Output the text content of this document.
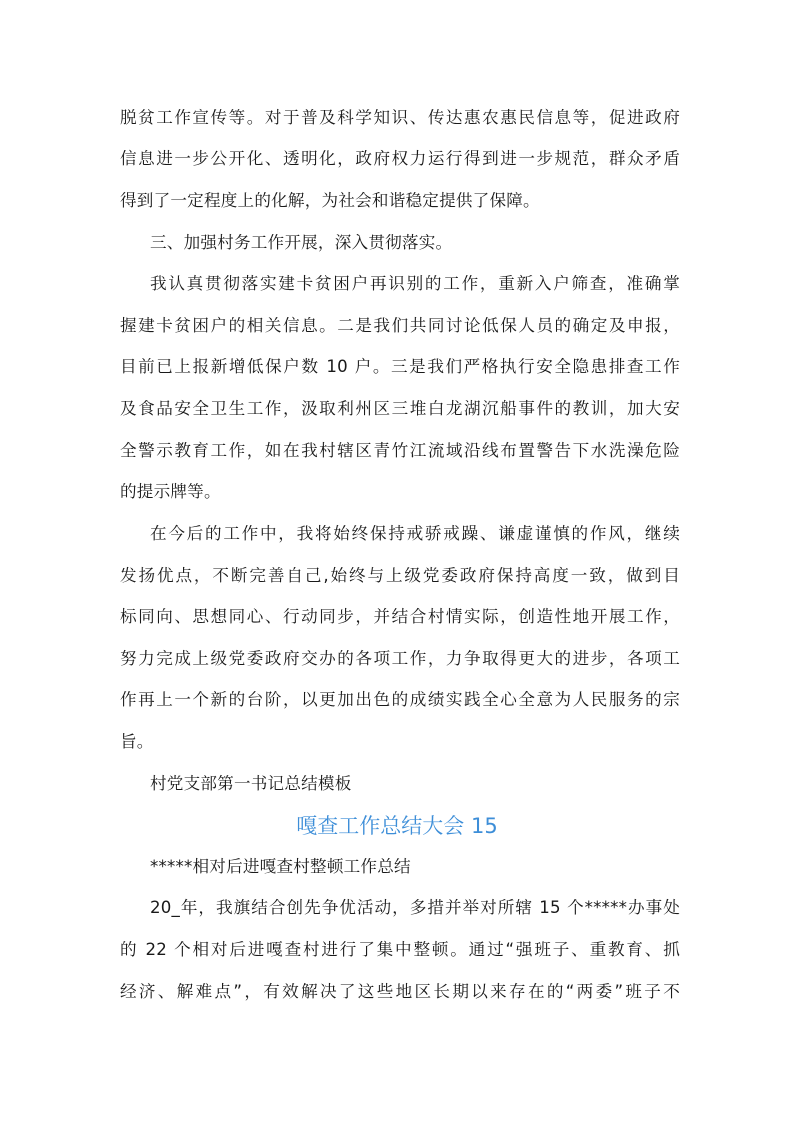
脱贫工作宣传等。对于普及科学知识、传达惠农惠民信息等，促进政府
信息进一步公开化、透明化，政府权力运行得到进一步规范，群众矛盾
得到了一定程度上的化解，为社会和谐稳定提供了保障。
三、加强村务工作开展，深入贯彻落实。
我认真贯彻落实建卡贫困户再识别的工作，重新入户筛查，准确掌
握建卡贫困户的相关信息。二是我们共同讨论低保人员的确定及申报，
目前已上报新增低保户数 10 户。三是我们严格执行安全隐患排查工作
及食品安全卫生工作，汲取利州区三堆白龙湖沉船事件的教训，加大安
全警示教育工作，如在我村辖区青竹江流域沿线布置警告下水洗澡危险
的提示牌等。
在今后的工作中，我将始终保持戒骄戒躁、谦虚谨慎的作风，继续
发扬优点，不断完善自己,始终与上级党委政府保持高度一致，做到目
标同向、思想同心、行动同步，并结合村情实际，创造性地开展工作，
努力完成上级党委政府交办的各项工作，力争取得更大的进步，各项工
作再上一个新的台阶，以更加出色的成绩实践全心全意为人民服务的宗
旨。
村党支部第一书记总结模板
嘎查工作总结大会 15
*****相对后进嘎查村整顿工作总结
20_年，我旗结合创先争优活动，多措并举对所辖 15 个*****办事处
的 22 个相对后进嘎查村进行了集中整顿。通过“强班子、重教育、抓
经济、解难点”，有效解决了这些地区长期以来存在的“两委”班子不
